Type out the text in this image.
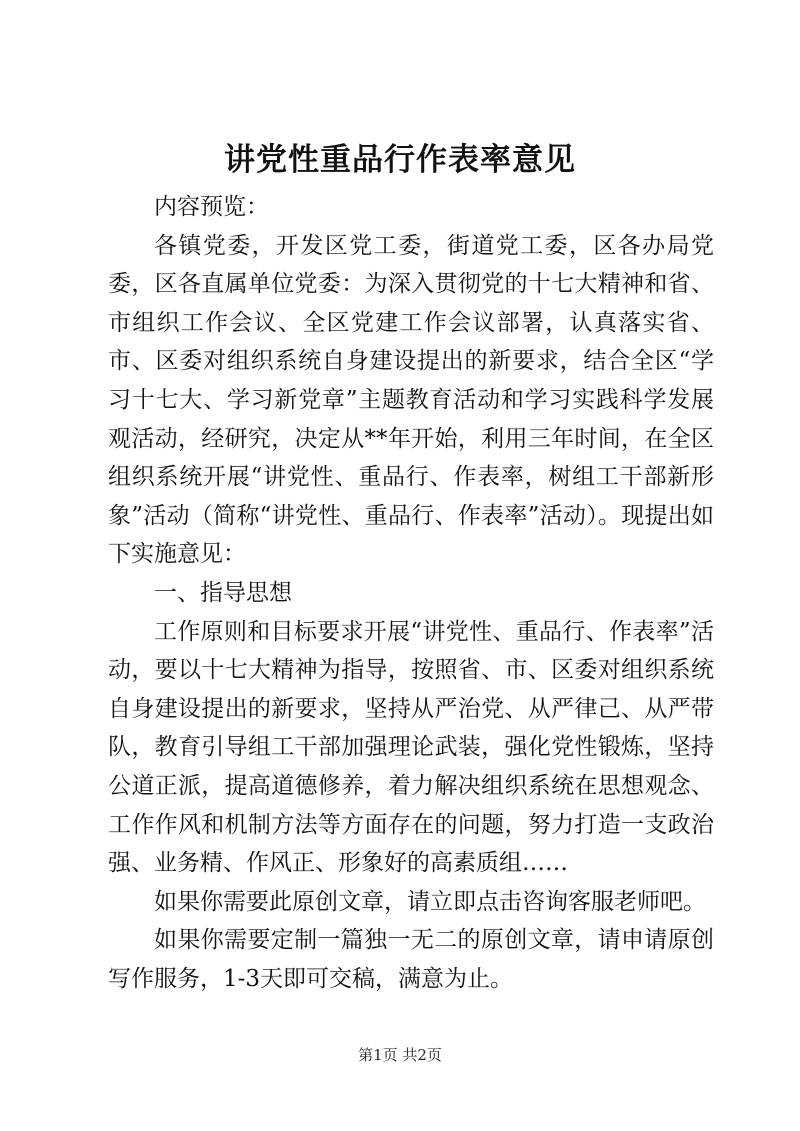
讲党性重品行作表率意见

内容预览：

各镇党委，开发区党工委，街道党工委，区各办局党委，区各直属单位党委：为深入贯彻党的十七大精神和省、市组织工作会议、全区党建工作会议部署，认真落实省、市、区委对组织系统自身建设提出的新要求，结合全区“学习十七大、学习新党章”主题教育活动和学习实践科学发展观活动，经研究，决定从**年开始，利用三年时间，在全区组织系统开展“讲党性、重品行、作表率，树组工干部新形象”活动（简称“讲党性、重品行、作表率”活动）。现提出如下实施意见：

一、指导思想

工作原则和目标要求开展“讲党性、重品行、作表率”活动，要以十七大精神为指导，按照省、市、区委对组织系统自身建设提出的新要求，坚持从严治党、从严律己、从严带队，教育引导组工干部加强理论武装，强化党性锻炼，坚持公道正派，提高道德修养，着力解决组织系统在思想观念、工作作风和机制方法等方面存在的问题，努力打造一支政治强、业务精、作风正、形象好的高素质组……

如果你需要此原创文章，请立即点击咨询客服老师吧。

如果你需要定制一篇独一无二的原创文章，请申请原创写作服务，1-3天即可交稿，满意为止。

第1页 共2页
